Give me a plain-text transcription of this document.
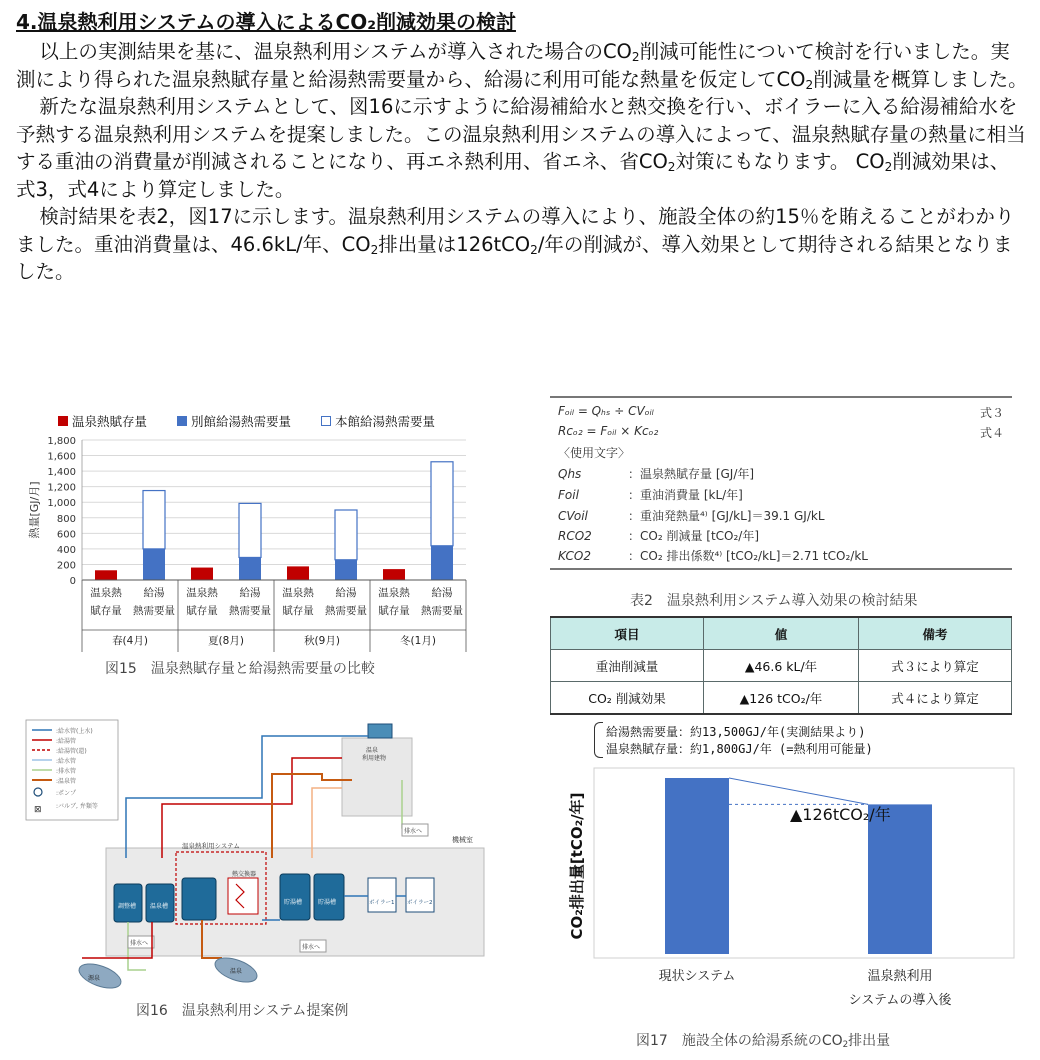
4.温泉熱利用システムの導入によるCO₂削減効果の検討

以上の実測結果を基に、温泉熱利用システムが導入された場合の$CO_2$削減可能性について検討を行いました。実測により得られた温泉熱賦存量と給湯熱需要量から、給湯に利用可能な熱量を仮定して$CO_2$削減量を概算しました。

新たな温泉熱利用システムとして、図16に示すように給湯補給水と熱交換を行い、ボイラーに入る給湯補給水を予熱する温泉熱利用システムを提案しました。この温泉熱利用システムの導入によって、温泉熱賦存量の熱量に相当する重油の消費量が削減されることになり、再エネ熱利用、省エネ、省$CO_2$対策にもなります。 $CO_2$削減効果は、式3，式4により算定しました。

検討結果を表2，図17に示します。温泉熱利用システムの導入により、施設全体の約15％を賄えることがわかりました。重油消費量は、46.6kL/年、$CO_2$排出量は126tCO$_2$/年の削減が、導入効果として期待される結果となりました。

温泉熱賦存量	別館給湯熱需要量	本館給湯熱需要量
0
200
400
600
800
1,000
1,200
1,400
1,600
1,800
熱量[GJ/月]
温泉熱
賦存量
給湯
熱需要量
春(4月)
温泉熱
賦存量
給湯
熱需要量
夏(8月)
温泉熱
賦存量
給湯
熱需要量
秋(9月)
温泉熱
賦存量
給湯
熱需要量
冬(1月)
図15　温泉熱賦存量と給湯熱需要量の比較
Fₒᵢₗ = Qₕₛ ÷ CVₒᵢₗ	式３
Rᴄₒ₂ = Fₒᵢₗ × Kᴄₒ₂	式４
〈使用文字〉
Qhs	：温泉熱賦存量 [GJ/年]
Foil	：重油消費量 [kL/年]
CVoil	：重油発熱量⁴⁾ [GJ/kL]＝39.1 GJ/kL
RCO2	：CO₂ 削減量 [tCO₂/年]
KCO2	：CO₂ 排出係数⁴⁾ [tCO₂/kL]＝2.71 tCO₂/kL
表2　温泉熱利用システム導入効果の検討結果
項目	値	備考
重油削減量	▲46.6 kL/年	式３により算定
CO₂ 削減効果	▲126 tCO₂/年	式４により算定
⊠
:給水管(上水)
:給湯管
:給湯管(還)
:給水管
:排水管
:温泉管
:ポンプ
:バルブ, 弁類等
機械室
温泉
利用建物
排水へ
温泉熱利用システム
調整槽 温泉槽
熱交換器
貯湯槽	貯湯槽	ボイラー1 ボイラー2
排水へ
排水へ
源泉
温泉
図16　温泉熱利用システム提案例
給湯熱需要量：約13,500GJ/年(実測結果より)
温泉熱賦存量：約1,800GJ/年 (=熱利用可能量)
現状システム	温泉熱利用
システムの導入後
▲126tCO₂/年
CO₂排出量[tCO₂/年]
図17　施設全体の給湯系統の$CO_2$排出量
